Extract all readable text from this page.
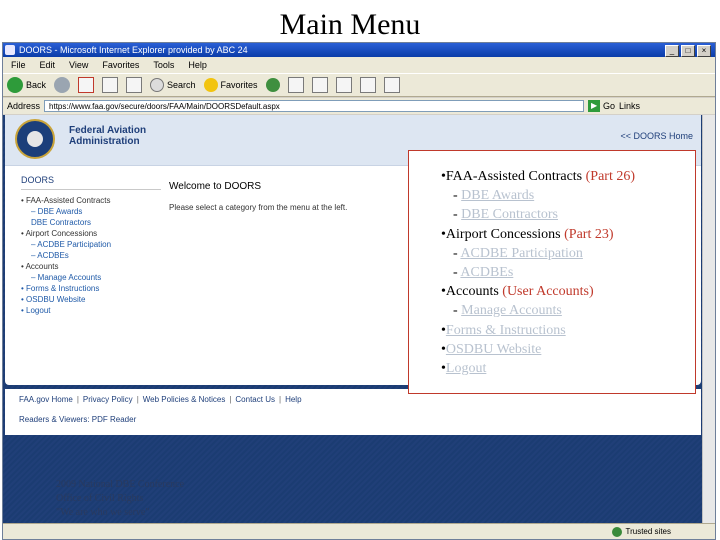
Main Menu
DOORS - Microsoft Internet Explorer provided by ABC 24	_	□	×
File Edit View Favorites Tools Help
Back	Search	Favorites
Address	https://www.faa.gov/secure/doors/FAA/Main/DOORSDefault.aspx	▶ Go Links
Federal Aviation
Administration	<< DOORS Home
DOORS
• FAA-Assisted Contracts
– DBE Awards
DBE Contractors
• Airport Concessions
– ACDBE Participation
– ACDBEs
• Accounts
– Manage Accounts
• Forms & Instructions
• OSDBU Website
• Logout
Welcome to DOORS
Please select a category from the menu at the left.
FAA.gov Home | Privacy Policy | Web Policies & Notices | Contact Us | Help
Readers & Viewers: PDF Reader
Trusted sites
•FAA-Assisted Contracts (Part 26)
- DBE Awards
- DBE Contractors
•Airport Concessions (Part 23)
- ACDBE Participation
- ACDBEs
•Accounts (User Accounts)
- Manage Accounts
•Forms & Instructions
•OSDBU Website
•Logout
2009 National DBE Conference
Office of Civil Rights
"We are who we serve"
